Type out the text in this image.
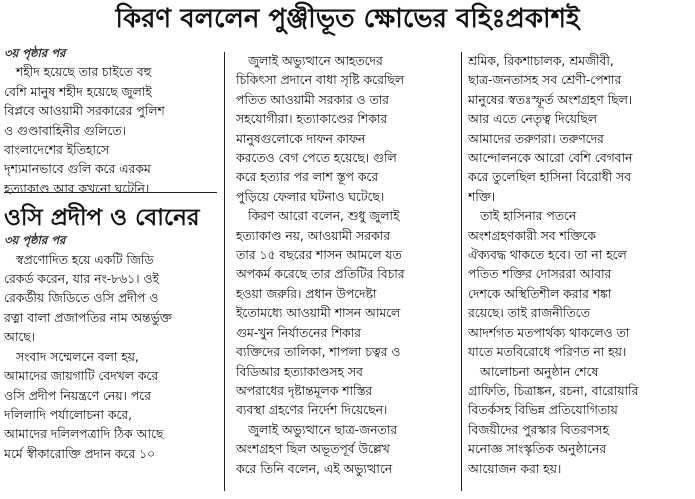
কিরণ বললেন পুঞ্জীভূত ক্ষোভের বহিঃপ্রকাশই
৩য় পৃষ্ঠার পর
শহীদ হয়েছে তার চাইতে বহু
বেশি মানুষ শহীদ হয়েছে জুলাই
বিপ্লবে আওয়ামী সরকারের পুলিশ
ও গুণ্ডাবাহিনীর গুলিতে।
বাংলাদেশের ইতিহাসে
দৃশ্যমানভাবে গুলি করে এরকম
হত্যাকাণ্ড আর কখনো ঘটেনি।
ওসি প্রদীপ ও বোনের
৩য় পৃষ্ঠার পর
স্বপ্রণোদিত হয়ে একটি জিডি
রেকর্ড করেন, যার নং-৮৬১। ওই
রেকর্ডীয় জিডিতে ওসি প্রদীপ ও
রত্না বালা প্রজাপতির নাম অন্তর্ভুক্ত
আছে।
সংবাদ সম্মেলনে বলা হয়,
আমাদের জায়গাটি বেদখল করে
ওসি প্রদীপ নিয়ন্ত্রণে নেয়। পরে
দলিলাদি পর্যালোচনা করে,
আমাদের দলিলপত্রাদি ঠিক আছে
মর্মে স্বীকারোক্তি প্রদান করে ১০
জুলাই অভ্যুত্থানে আহতদের
চিকিৎসা প্রদানে বাধা সৃষ্টি করেছিল
পতিত আওয়ামী সরকার ও তার
সহযোগীরা। হত্যাকাণ্ডের শিকার
মানুষগুলোকে দাফন কাফন
করতেও বেগ পেতে হয়েছে। গুলি
করে হত্যার পর লাশ স্তূপ করে
পুড়িয়ে ফেলার ঘটনাও ঘটেছে।
কিরণ আরো বলেন, শুধু জুলাই
হত্যাকাণ্ড নয়, আওয়ামী সরকার
তার ১৫ বছরের শাসন আমলে যত
অপকর্ম করেছে তার প্রতিটির বিচার
হওয়া জরুরি। প্রধান উপদেষ্টা
ইতোমধ্যে আওয়ামী শাসন আমলে
গুম-খুন নির্যাতনের শিকার
ব্যক্তিদের তালিকা, শাপলা চত্বর ও
বিডিআর হত্যাকাণ্ডসহ সব
অপরাধের দৃষ্টান্তমূলক শাস্তির
ব্যবস্থা গ্রহণের নির্দেশ দিয়েছেন।
জুলাই অভ্যুত্থানে ছাত্র-জনতার
অংশগ্রহণ ছিল অভূতপূর্ব উল্লেখ
করে তিনি বলেন, এই অভ্যুত্থানে
শ্রমিক, রিকশাচালক, শ্রমজীবী,
ছাত্র-জনতাসহ সব শ্রেণী-পেশার
মানুষের স্বতঃস্ফূর্ত অংশগ্রহণ ছিল।
আর এতে নেতৃত্ব দিয়েছিল
আমাদের তরুণরা। তরুণদের
আন্দোলনকে আরো বেশি বেগবান
করে তুলেছিল হাসিনা বিরোধী সব
শক্তি।
তাই হাসিনার পতনে
অংশগ্রহণকারী সব শক্তিকে
ঐক্যবদ্ধ থাকতে হবে। তা না হলে
পতিত শক্তির দোসররা আবার
দেশকে অস্থিতিশীল করার শঙ্কা
রয়েছে। তাই রাজনীতিতে
আদর্শগত মতপার্থক্য থাকলেও তা
যাতে মতবিরোধে পরিণত না হয়।
আলোচনা অনুষ্ঠান শেষে
গ্রাফিতি, চিত্রাঙ্কন, রচনা, বারোয়ারি
বিতর্কসহ বিভিন্ন প্রতিযোগিতায়
বিজয়ীদের পুরস্কার বিতরণসহ
মনোজ্ঞ সাংস্কৃতিক অনুষ্ঠানের
আয়োজন করা হয়।
